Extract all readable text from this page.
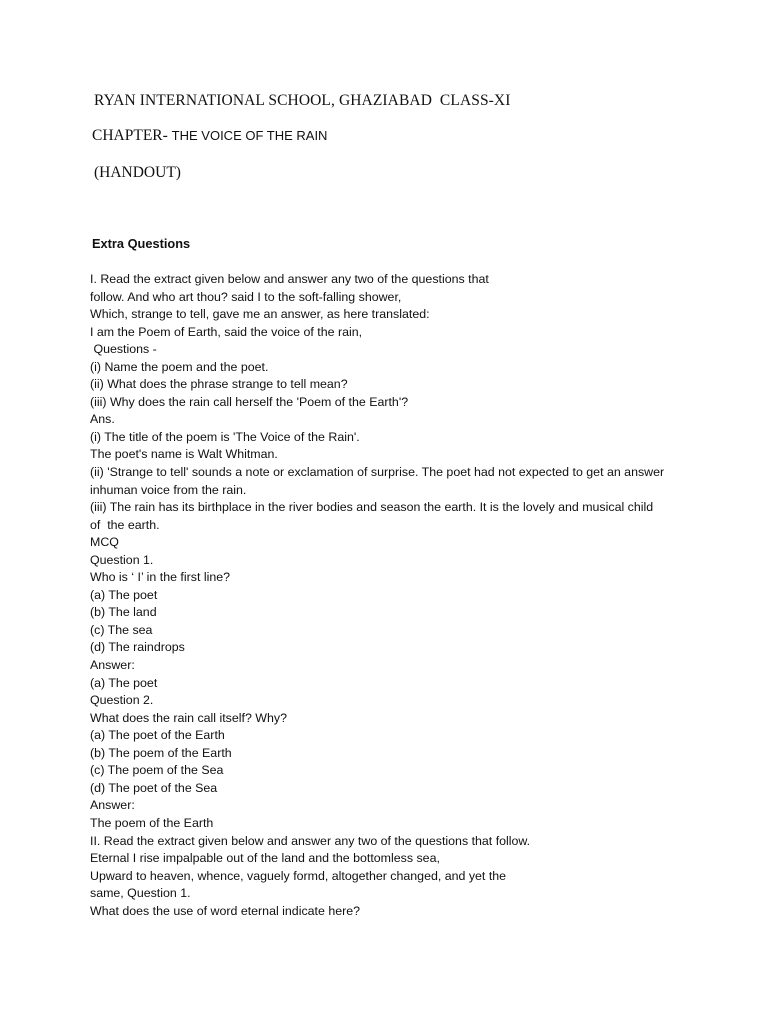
RYAN INTERNATIONAL SCHOOL, GHAZIABAD  CLASS-XI
CHAPTER- THE VOICE OF THE RAIN
(HANDOUT)
Extra Questions
I. Read the extract given below and answer any two of the questions that
follow. And who art thou? said I to the soft-falling shower,
Which, strange to tell, gave me an answer, as here translated:
I am the Poem of Earth, said the voice of the rain,
Questions -
(i) Name the poem and the poet.
(ii) What does the phrase strange to tell mean?
(iii) Why does the rain call herself the 'Poem of the Earth'?
Ans.
(i) The title of the poem is 'The Voice of the Rain'.
The poet's name is Walt Whitman.
(ii) 'Strange to tell' sounds a note or exclamation of surprise. The poet had not expected to get an answer
inhuman voice from the rain.
(iii) The rain has its birthplace in the river bodies and season the earth. It is the lovely and musical child
of  the earth.
MCQ
Question 1.
Who is ‘ I’ in the first line?
(a) The poet
(b) The land
(c) The sea
(d) The raindrops
Answer:
(a) The poet
Question 2.
What does the rain call itself? Why?
(a) The poet of the Earth
(b) The poem of the Earth
(c) The poem of the Sea
(d) The poet of the Sea
Answer:
The poem of the Earth
II. Read the extract given below and answer any two of the questions that follow.
Eternal I rise impalpable out of the land and the bottomless sea,
Upward to heaven, whence, vaguely formd, altogether changed, and yet the
same, Question 1.
What does the use of word eternal indicate here?
